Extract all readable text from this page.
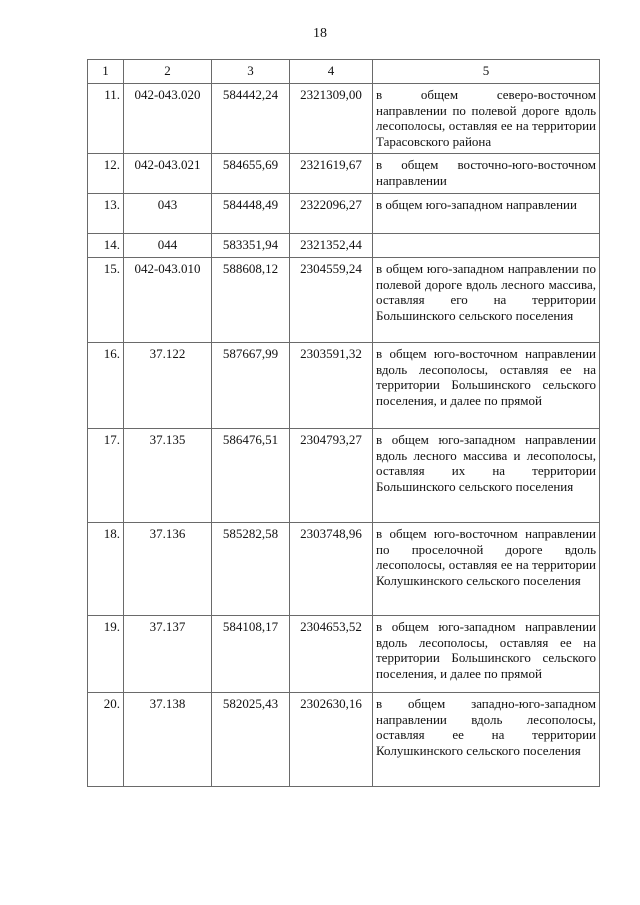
18
1	2	3	4	5
11.	042-043.020	584442,24	2321309,00	в общем северо-восточном направлении по полевой дороге вдоль лесополосы, оставляя ее на территории Тарасовского района
12.	042-043.021	584655,69	2321619,67	в общем восточно-юго-восточном направлении
13.	043	584448,49	2322096,27	в общем юго-западном направлении
14.	044	583351,94	2321352,44	
15.	042-043.010	588608,12	2304559,24	в общем юго-западном направлении по полевой дороге вдоль лесного массива, оставляя его на территории Большинского сельского поселения
16.	37.122	587667,99	2303591,32	в общем юго-восточном направлении вдоль лесополосы, оставляя ее на территории Большинского сельского поселения, и далее по прямой
17.	37.135	586476,51	2304793,27	в общем юго-западном направлении вдоль лесного массива и лесополосы, оставляя их на территории Большинского сельского поселения
18.	37.136	585282,58	2303748,96	в общем юго-восточном направлении по проселочной дороге вдоль лесополосы, оставляя ее на территории Колушкинского сельского поселения
19.	37.137	584108,17	2304653,52	в общем юго-западном направлении вдоль лесополосы, оставляя ее на территории Большинского сельского поселения, и далее по прямой
20.	37.138	582025,43	2302630,16	в общем западно-юго-западном направлении вдоль лесополосы, оставляя ее на территории Колушкинского сельского поселения
